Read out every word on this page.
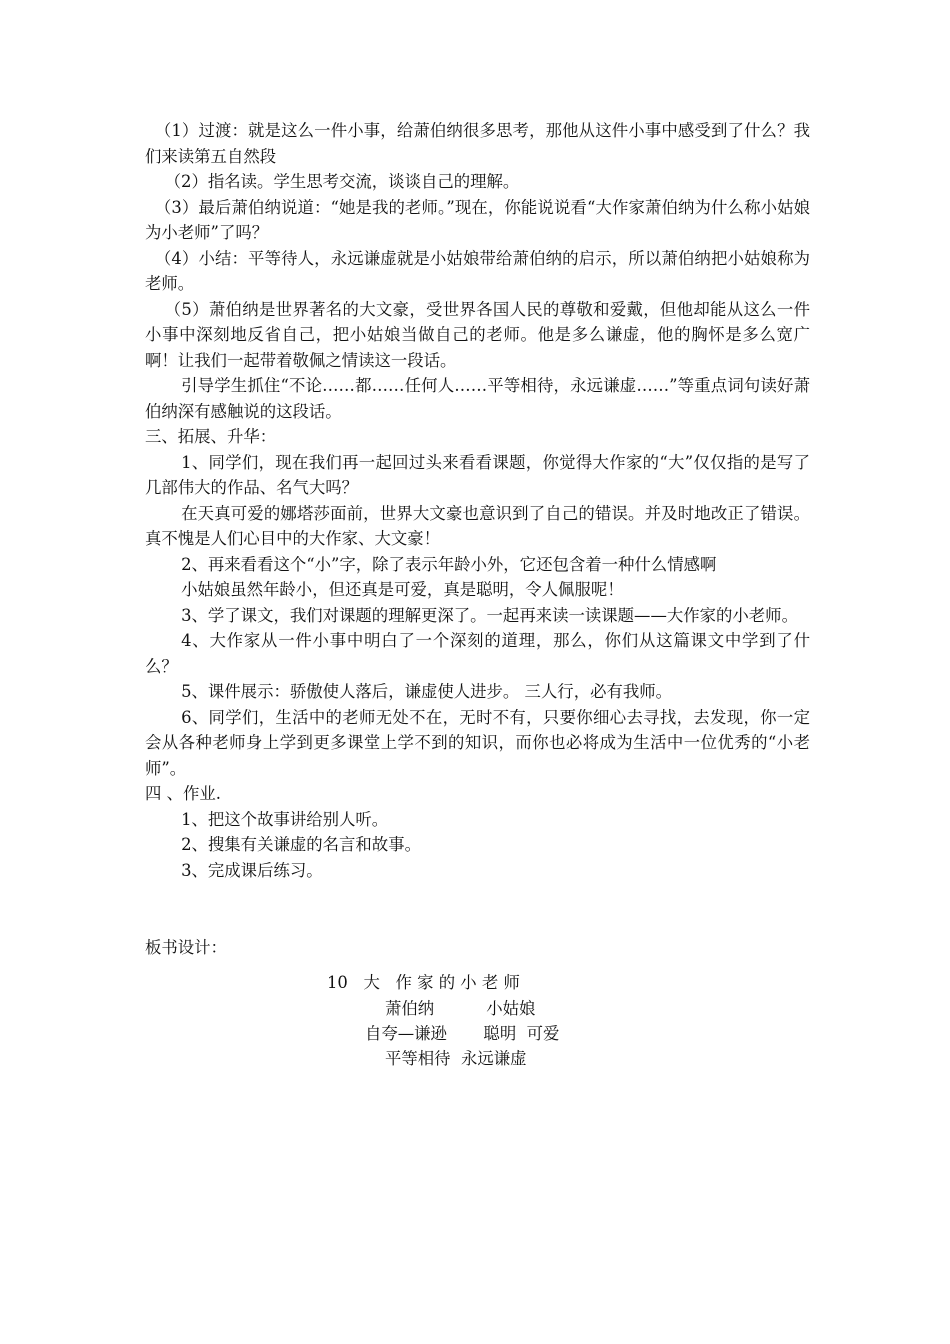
（1）过渡：就是这么一件小事，给萧伯纳很多思考，那他从这件小事中感受到了什么？我们来读第五自然段

（2）指名读。学生思考交流，谈谈自己的理解。

（3）最后萧伯纳说道：“她是我的老师。”现在，你能说说看“大作家萧伯纳为什么称小姑娘为小老师”了吗？

（4）小结：平等待人，永远谦虚就是小姑娘带给萧伯纳的启示，所以萧伯纳把小姑娘称为老师。

（5）萧伯纳是世界著名的大文豪，受世界各国人民的尊敬和爱戴，但他却能从这么一件小事中深刻地反省自己，把小姑娘当做自己的老师。他是多么谦虚，他的胸怀是多么宽广啊！让我们一起带着敬佩之情读这一段话。

引导学生抓住“不论……都……任何人……平等相待，永远谦虚……”等重点词句读好萧伯纳深有感触说的这段话。

三、拓展、升华：

1、同学们，现在我们再一起回过头来看看课题，你觉得大作家的“大”仅仅指的是写了几部伟大的作品、名气大吗？

在天真可爱的娜塔莎面前，世界大文豪也意识到了自己的错误。并及时地改正了错误。真不愧是人们心目中的大作家、大文豪！

2、再来看看这个“小”字，除了表示年龄小外，它还包含着一种什么情感啊

小姑娘虽然年龄小，但还真是可爱，真是聪明，令人佩服呢！

3、学了课文，我们对课题的理解更深了。一起再来读一读课题——大作家的小老师。

4、大作家从一件小事中明白了一个深刻的道理，那么，你们从这篇课文中学到了什么？

5、课件展示：骄傲使人落后，谦虚使人进步。 三人行，必有我师。

6、同学们，生活中的老师无处不在，无时不有，只要你细心去寻找，去发现，你一定会从各种老师身上学到更多课堂上学不到的知识，而你也必将成为生活中一位优秀的“小老师”。

四 、作业.

1、把这个故事讲给别人听。

2、搜集有关谦虚的名言和故事。

3、完成课后练习。

板书设计：

10   大   作 家 的 小 老 师
萧伯纳          小姑娘
自夸—谦逊       聪明  可爱
平等相待  永远谦虚
